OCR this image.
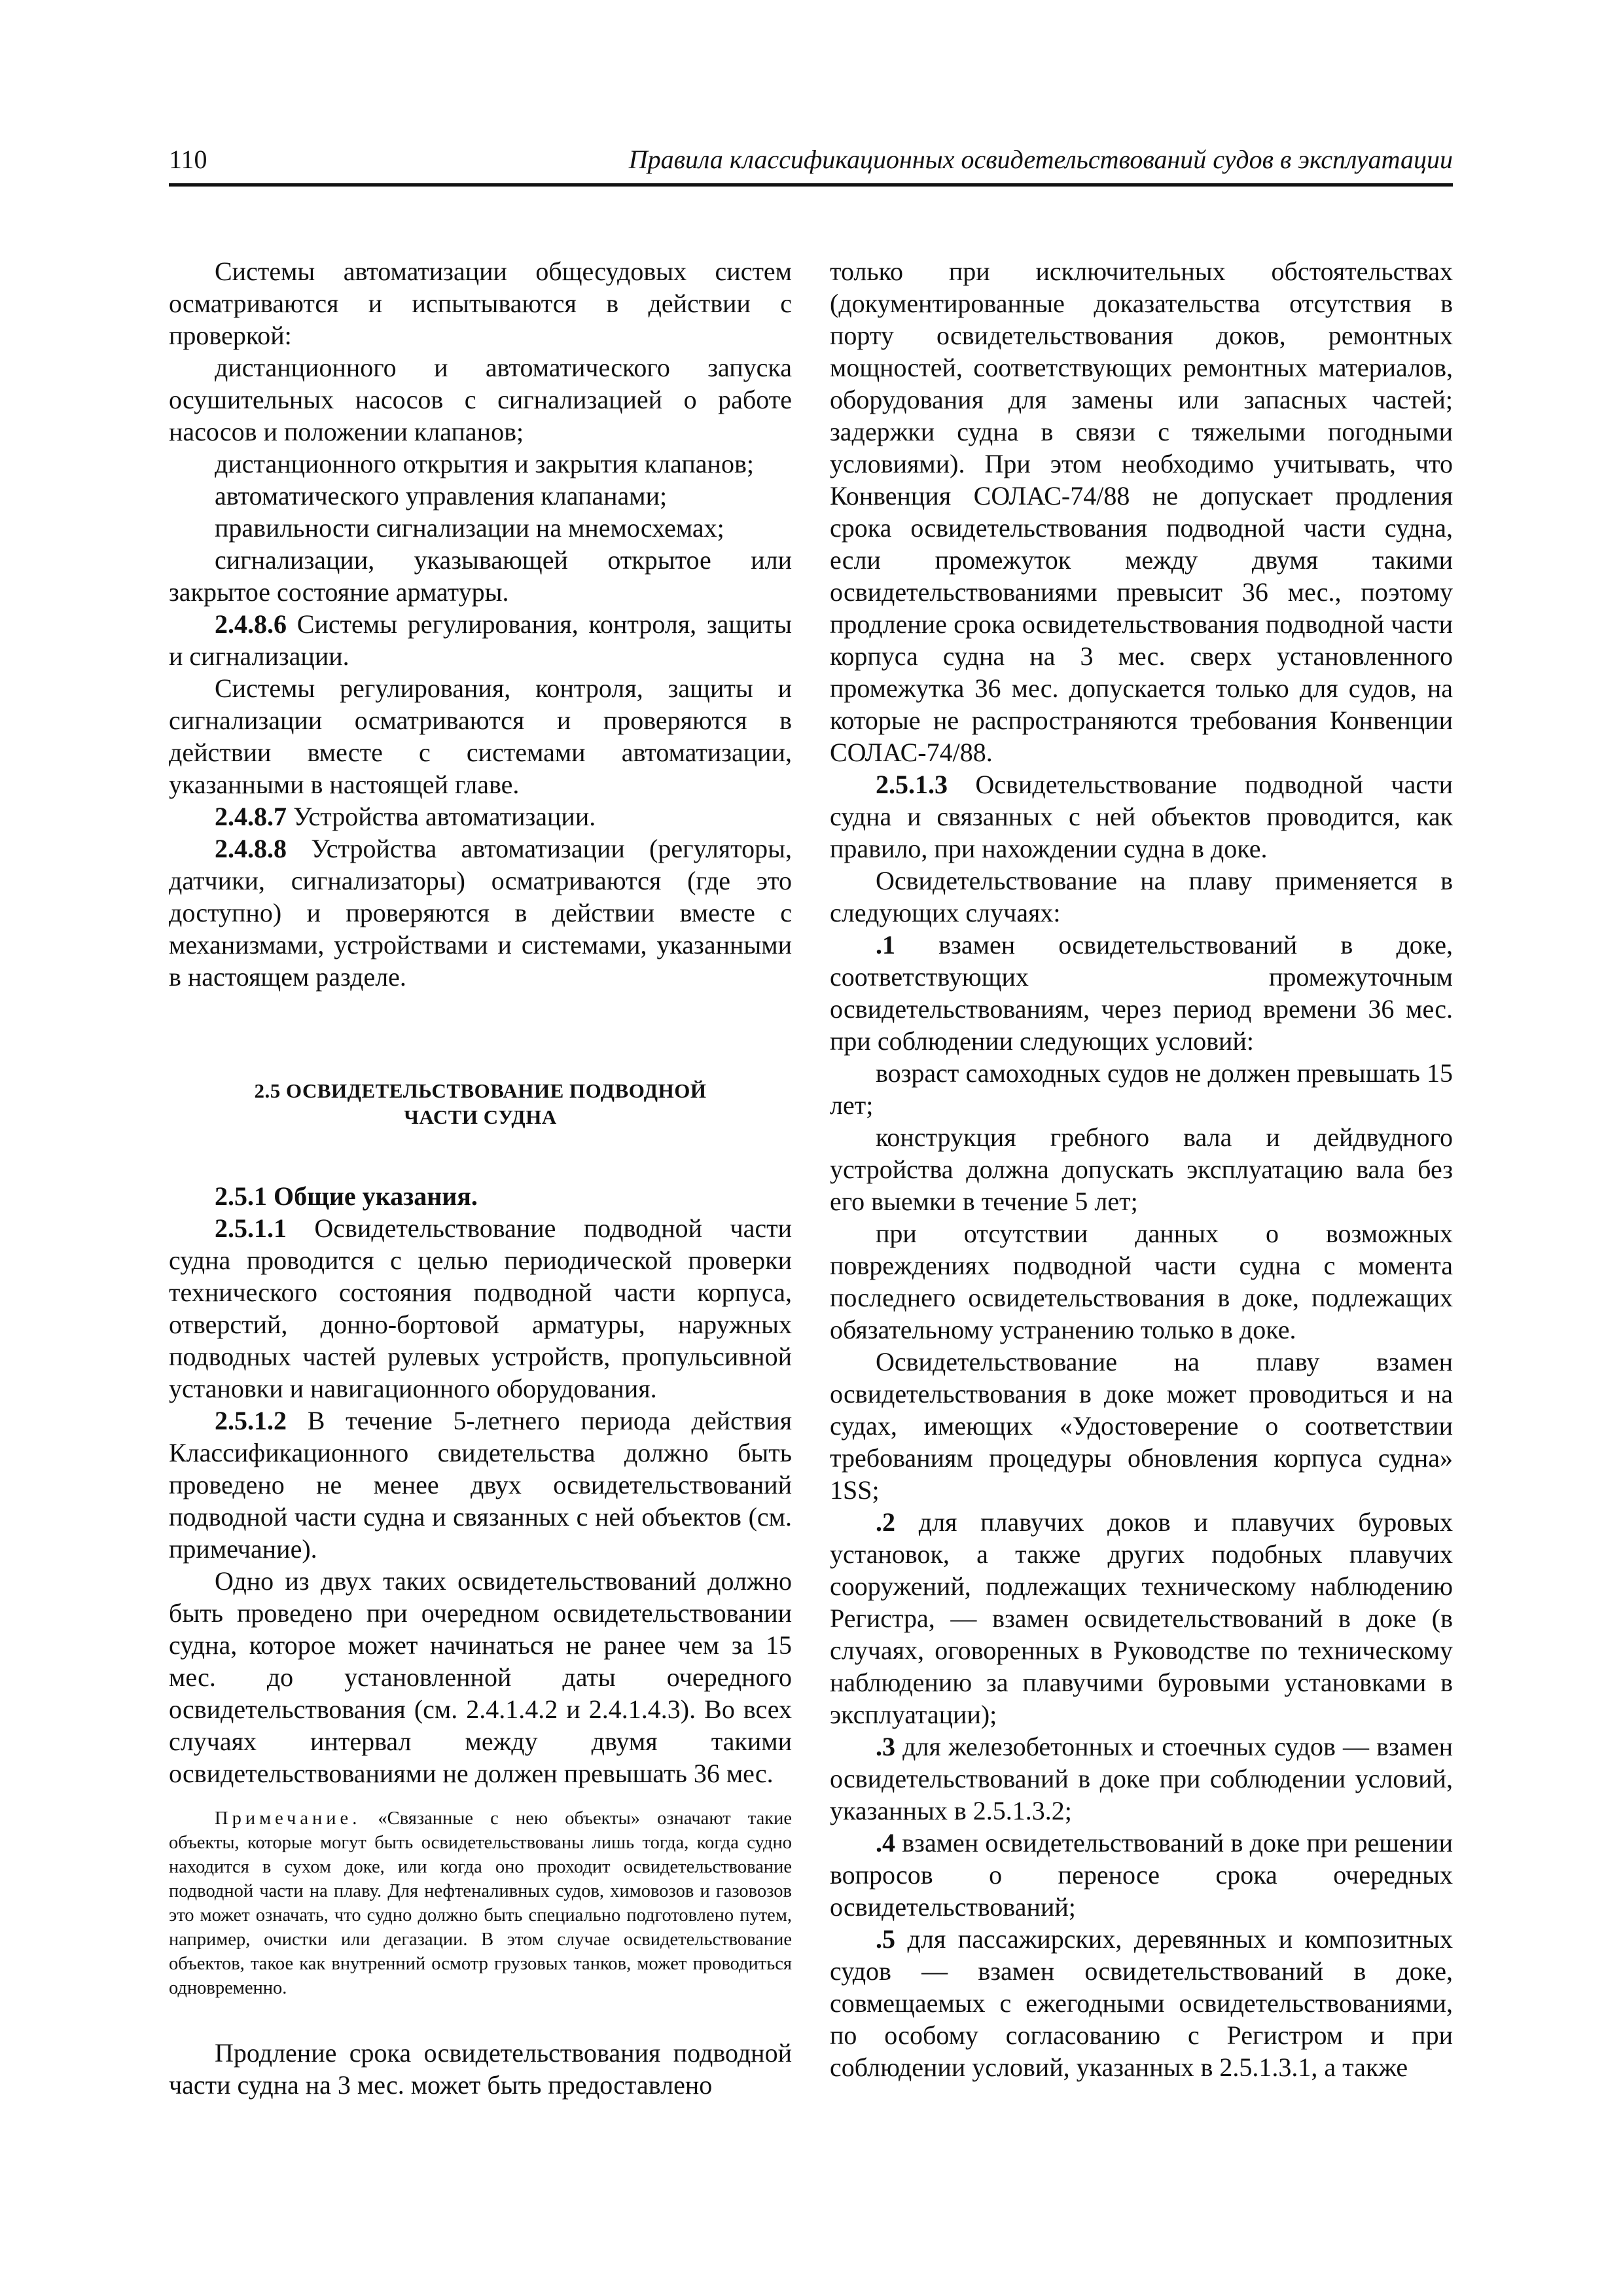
110	Правила классификационных освидетельствований судов в эксплуатации

Системы автоматизации общесудовых систем осматриваются и испытываются в действии с проверкой:

дистанционного и автоматического запуска осушительных насосов с сигнализацией о работе насосов и положении клапанов;

дистанционного открытия и закрытия клапанов;

автоматического управления клапанами;

правильности сигнализации на мнемосхемах;

сигнализации, указывающей открытое или закрытое состояние арматуры.

2.4.8.6 Системы регулирования, контроля, защиты и сигнализации.

Системы регулирования, контроля, защиты и сигнализации осматриваются и проверяются в действии вместе с системами автоматизации, указанными в настоящей главе.

2.4.8.7 Устройства автоматизации.

2.4.8.8 Устройства автоматизации (регуляторы, датчики, сигнализаторы) осматриваются (где это доступно) и проверяются в действии вместе с механизмами, устройствами и системами, указанными в настоящем разделе.

2.5 ОСВИДЕТЕЛЬСТВОВАНИЕ ПОДВОДНОЙ
ЧАСТИ СУДНА

2.5.1 Общие указания.

2.5.1.1 Освидетельствование подводной части судна проводится с целью периодической проверки технического состояния подводной части корпуса, отверстий, донно-бортовой арматуры, наружных подводных частей рулевых устройств, пропульсивной установки и навигационного оборудования.

2.5.1.2 В течение 5-летнего периода действия Классификационного свидетельства должно быть проведено не менее двух освидетельствований подводной части судна и связанных с ней объектов (см. примечание).

Одно из двух таких освидетельствований должно быть проведено при очередном освидетельствовании судна, которое может начинаться не ранее чем за 15 мес. до установленной даты очередного освидетельствования (см. 2.4.1.4.2 и 2.4.1.4.3). Во всех случаях интервал между двумя такими освидетельствованиями не должен превышать 36 мес.

Примечание. «Связанные с нею объекты» означают такие объекты, которые могут быть освидетельствованы лишь тогда, когда судно находится в сухом доке, или когда оно проходит освидетельствование подводной части на плаву. Для нефтеналивных судов, химовозов и газовозов это может означать, что судно должно быть специально подготовлено путем, например, очистки или дегазации. В этом случае освидетельствование объектов, такое как внутренний осмотр грузовых танков, может проводиться одновременно.

Продление срока освидетельствования подводной части судна на 3 мес. может быть предоставлено

только при исключительных обстоятельствах (документированные доказательства отсутствия в порту освидетельствования доков, ремонтных мощностей, соответствующих ремонтных материалов, оборудования для замены или запасных частей; задержки судна в связи с тяжелыми погодными условиями). При этом необходимо учитывать, что Конвенция СОЛАС-74/88 не допускает продления срока освидетельствования подводной части судна, если промежуток между двумя такими освидетельствованиями превысит 36 мес., поэтому продление срока освидетельствования подводной части корпуса судна на 3 мес. сверх установленного промежутка 36 мес. допускается только для судов, на которые не распространяются требования Конвенции СОЛАС-74/88.

2.5.1.3 Освидетельствование подводной части судна и связанных с ней объектов проводится, как правило, при нахождении судна в доке.

Освидетельствование на плаву применяется в следующих случаях:

.1 взамен освидетельствований в доке, соответствующих промежуточным освидетельствованиям, через период времени 36 мес. при соблюдении следующих условий:

возраст самоходных судов не должен превышать 15 лет;

конструкция гребного вала и дейдвудного устройства должна допускать эксплуатацию вала без его выемки в течение 5 лет;

при отсутствии данных о возможных повреждениях подводной части судна с момента последнего освидетельствования в доке, подлежащих обязательному устранению только в доке.

Освидетельствование на плаву взамен освидетельствования в доке может проводиться и на судах, имеющих «Удостоверение о соответствии требованиям процедуры обновления корпуса судна» 1SS;

.2 для плавучих доков и плавучих буровых установок, а также других подобных плавучих сооружений, подлежащих техническому наблюдению Регистра, — взамен освидетельствований в доке (в случаях, оговоренных в Руководстве по техническому наблюдению за плавучими буровыми установками в эксплуатации);

.3 для железобетонных и стоечных судов — взамен освидетельствований в доке при соблюдении условий, указанных в 2.5.1.3.2;

.4 взамен освидетельствований в доке при решении вопросов о переносе срока очередных освидетельствований;

.5 для пассажирских, деревянных и композитных судов — взамен освидетельствований в доке, совмещаемых с ежегодными освидетельствованиями, по особому согласованию с Регистром и при соблюдении условий, указанных в 2.5.1.3.1, а также
